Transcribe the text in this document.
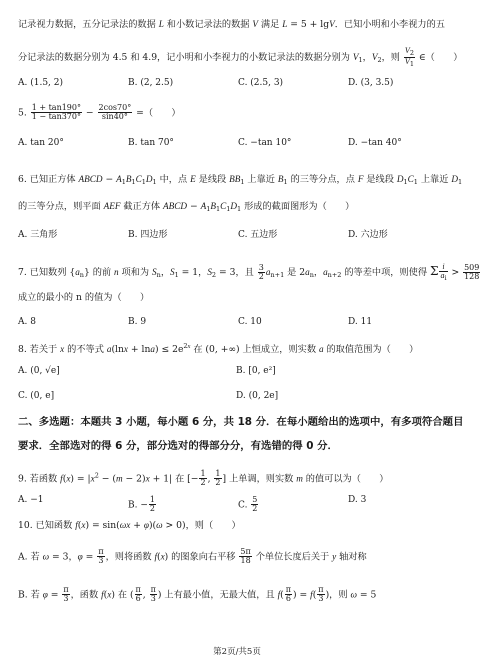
记录视力数据，五分记录法的数据 L 和小数记录法的数据 V 满足 L = 5 + lgV．已知小明和小李视力的五
分记录法的数据分别为 4.5 和 4.9，记小明和小李视力的小数记录法的数据分别为 $V_1$，$V_2$，则 $\frac{V_2}{V_1}$ ∈（　　）
A. (1.5, 2)	B. (2, 2.5)	C. (2.5, 3)	D. (3, 3.5)
5. $\frac{1 + \tan 190^\circ}{1 - \tan 370^\circ} - \frac{2\cos 70^\circ}{\sin 40^\circ}$ =（　　）
A. tan 20°	B. tan 70°	C. −tan 10°	D. −tan 40°
6. 已知正方体 ABCD − $A_1B_1C_1D_1$ 中，点 E 是线段 $BB_1$ 上靠近 $B_1$ 的三等分点，点 F 是线段 $D_1C_1$ 上靠近 $D_1$
的三等分点，则平面 AEF 截正方体 ABCD − $A_1B_1C_1D_1$ 形成的截面图形为（　　）
A. 三角形	B. 四边形	C. 五边形	D. 六边形
7. 已知数列 $\{a_n\}$ 的前 n 项和为 $S_n$，$S_1 = 1$，$S_2 = 3$，且 $\frac{3}{2} a_{n+1}$ 是 $2a_n$，$a_{n+2}$ 的等差中项，则使得 Σ $\frac{i}{a_i} > \frac{509}{128}$
成立的最小的 n 的值为（　　）
A. 8	B. 9	C. 10	D. 11
8. 若关于 x 的不等式 $a(\ln x + \ln a) \le 2e^{2x}$ 在 (0, +∞) 上恒成立，则实数 a 的取值范围为（　　）
A. (0, √e]	B. [0, e²]
C. (0, e]	D. (0, 2e]
二、多选题：本题共 3 小题，每小题 6 分，共 18 分．在每小题给出的选项中，有多项符合题目
要求．全部选对的得 6 分，部分选对的得部分分，有选错的得 0 分．
9. 若函数 $f(x) = |x^2 - (m - 2)x + 1|$ 在 [− $\frac{1}{2}$ , $\frac{1}{2}$ ] 上单调，则实数 m 的值可以为（　　）
A. −1
B. − $\frac{1}{2}$	C. $\frac{5}{2}$	D. 3
10. 已知函数 f(x) = sin(ωx + φ)(ω > 0)，则（　　）
A. 若 ω = 3，$\varphi = \frac{\pi}{3}$ ，则将函数 f(x) 的图象向右平移 $\frac{5\pi}{18}$ 个单位长度后关于 y 轴对称
B. 若 $\varphi = \frac{\pi}{3}$ ，函数 f(x) 在 ( $\frac{\pi}{6}$ , $\frac{\pi}{3}$ ) 上有最小值，无最大值，且 $f( \frac{\pi}{6}$ ) = $f( \frac{\pi}{3}$ )，则 ω = 5
第2页/共5页
